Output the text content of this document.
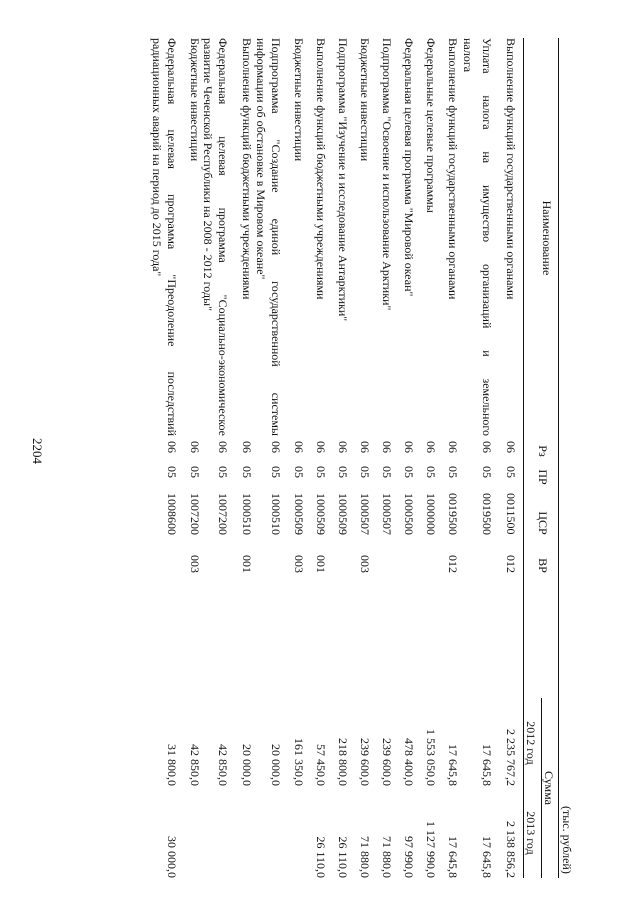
2204
(тыс. рублей)
Наименование
Рз
ПР
ЦСР
ВР
Сумма
2012 год
2013 год
Выполнение функций государственными органами
06
05
0011500
012
2 235 767,2
2 138 856,2
Уплата налога на имуществo организаций и земельного
налога
06
05
0019500
17 645,8
17 645,8
Выполнение функций государственными органами
06
05
0019500
012
17 645,8
17 645,8
Федеральные целевые программы
06
05
1000000
1 553 050,0
1 127 990,0
Федеральная целевая программа "Мировой океан"
06
05
1000500
478 400,0
97 990,0
Подпрограмма "Освоение и использование Арктики"
06
05
1000507
239 600,0
71 880,0
Бюджетные инвестиции
06
05
1000507
003
239 600,0
71 880,0
Подпрограмма "Изучение и исследование Антарктики"
06
05
1000509
218 800,0
26 110,0
Выполнение функций бюджетными учреждениями
06
05
1000509
001
57 450,0
26 110,0
Бюджетные инвестиции
06
05
1000509
003
161 350,0
Подпрограмма "Создание единой государственной системы
информации об обстановке в Мировом океане"
06
05
1000510
20 000,0
Выполнение функций бюджетными учреждениями
06
05
1000510
001
20 000,0
Федеральная целевая программа "Социально-экономическое
развитие Чеченской Республики на 2008 - 2012 годы"
06
05
1007200
42 850,0
Бюджетные инвестиции
06
05
1007200
003
42 850,0
Федеральная целевая программа "Преодоление последствий
радиационных аварий на период до 2015 года"
06
05
1008600
31 800,0
30 000,0
